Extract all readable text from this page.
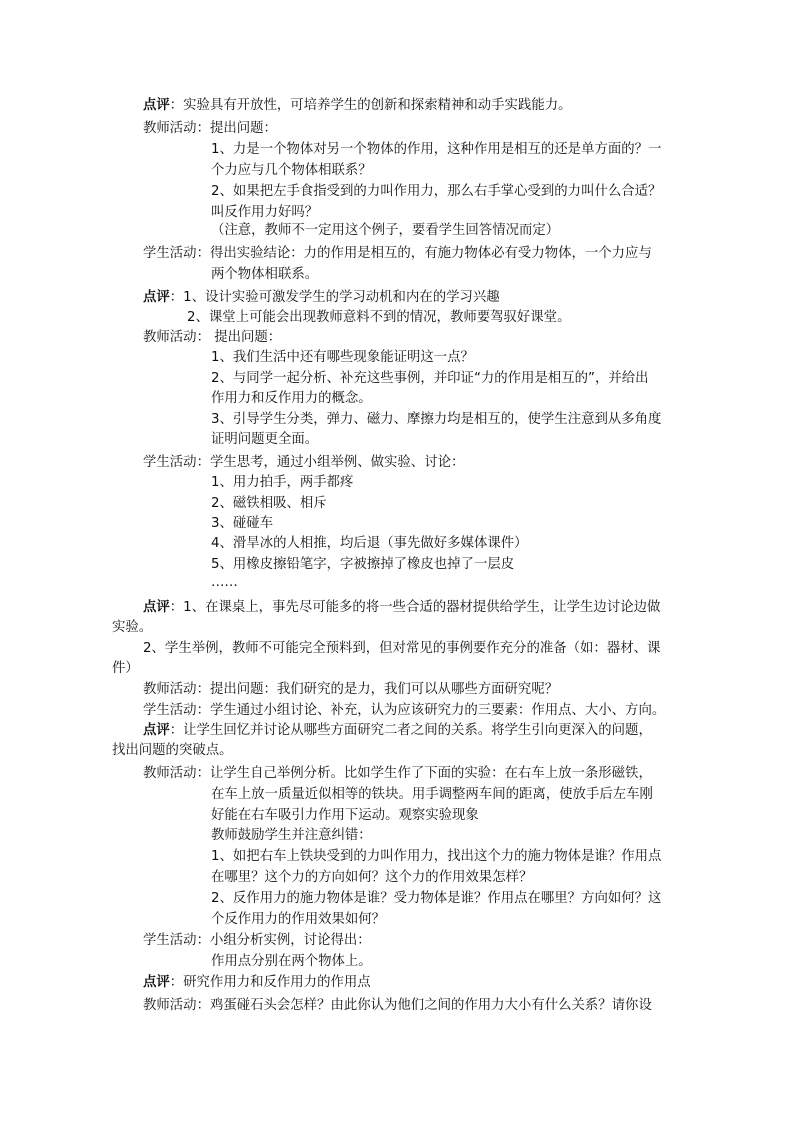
点评：实验具有开放性，可培养学生的创新和探索精神和动手实践能力。
教师活动：提出问题：
1、力是一个物体对另一个物体的作用，这种作用是相互的还是单方面的？一
个力应与几个物体相联系？
2、如果把左手食指受到的力叫作用力，那么右手掌心受到的力叫什么合适？
叫反作用力好吗？
（注意，教师不一定用这个例子，要看学生回答情况而定）
学生活动：得出实验结论：力的作用是相互的，有施力物体必有受力物体，一个力应与
两个物体相联系。
点评：1、设计实验可激发学生的学习动机和内在的学习兴趣
2、课堂上可能会出现教师意料不到的情况，教师要驾驭好课堂。
教师活动： 提出问题：
1、我们生活中还有哪些现象能证明这一点？
2、与同学一起分析、补充这些事例，并印证“力的作用是相互的”，并给出
作用力和反作用力的概念。
3、引导学生分类，弹力、磁力、摩擦力均是相互的，使学生注意到从多角度
证明问题更全面。
学生活动：学生思考，通过小组举例、做实验、讨论：
1、用力拍手，两手都疼
2、磁铁相吸、相斥
3、碰碰车
4、滑旱冰的人相推，均后退（事先做好多媒体课件）
5、用橡皮擦铅笔字，字被擦掉了橡皮也掉了一层皮
……
点评：1、在课桌上，事先尽可能多的将一些合适的器材提供给学生，让学生边讨论边做
实验。
2、学生举例，教师不可能完全预料到，但对常见的事例要作充分的准备（如：器材、课
件）
教师活动：提出问题：我们研究的是力，我们可以从哪些方面研究呢？
学生活动：学生通过小组讨论、补充，认为应该研究力的三要素：作用点、大小、方向。
点评：让学生回忆并讨论从哪些方面研究二者之间的关系。将学生引向更深入的问题，
找出问题的突破点。
教师活动：让学生自己举例分析。比如学生作了下面的实验：在右车上放一条形磁铁，
在车上放一质量近似相等的铁块。用手调整两车间的距离，使放手后左车刚
好能在右车吸引力作用下运动。观察实验现象
教师鼓励学生并注意纠错：
1、如把右车上铁块受到的力叫作用力，找出这个力的施力物体是谁？作用点
在哪里？这个力的方向如何？这个力的作用效果怎样？
2、反作用力的施力物体是谁？受力物体是谁？作用点在哪里？方向如何？这
个反作用力的作用效果如何？
学生活动：小组分析实例，讨论得出：
作用点分别在两个物体上。
点评：研究作用力和反作用力的作用点
教师活动：鸡蛋碰石头会怎样？由此你认为他们之间的作用力大小有什么关系？请你设
